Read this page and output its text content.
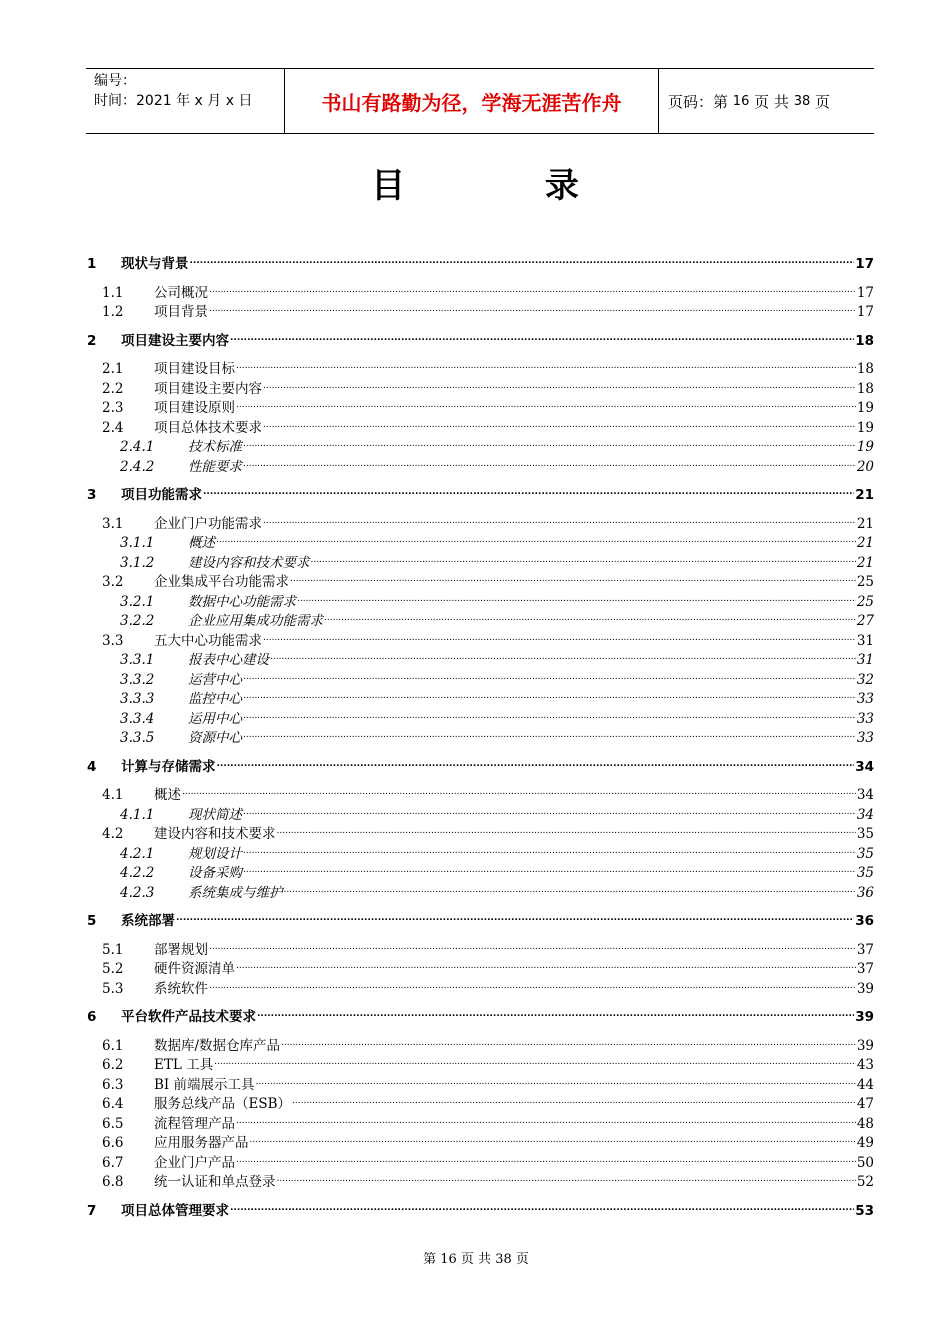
编号：
时间：2021 年 x 月 x 日	书山有路勤为径，学海无涯苦作舟	页码：第
16
页 共
38
页
目 录
1	现状与背景 .....	17
1.1	公司概况 .....	17
1.2	项目背景 .....	17
2	项目建设主要内容 .....	18
2.1	项目建设目标 .....	18
2.2	项目建设主要内容 .....	18
2.3	项目建设原则 .....	19
2.4	项目总体技术要求 .....	19
2.4.1	技术标准 .....	19
2.4.2	性能要求 .....	20
3	项目功能需求 .....	21
3.1	企业门户功能需求 .....	21
3.1.1	概述 .....	21
3.1.2	建设内容和技术要求 .....	21
3.2	企业集成平台功能需求 .....	25
3.2.1	数据中心功能需求 .....	25
3.2.2	企业应用集成功能需求 .....	27
3.3	五大中心功能需求 .....	31
3.3.1	报表中心建设 .....	31
3.3.2	运营中心 .....	32
3.3.3	监控中心 .....	33
3.3.4	运用中心 .....	33
3.3.5	资源中心 .....	33
4	计算与存储需求 .....	34
4.1	概述 .....	34
4.1.1	现状简述 .....	34
4.2	建设内容和技术要求 .....	35
4.2.1	规划设计 .....	35
4.2.2	设备采购 .....	35
4.2.3	系统集成与维护 .....	36
5	系统部署 .....	36
5.1	部署规划 .....	37
5.2	硬件资源清单 .....	37
5.3	系统软件 .....	39
6	平台软件产品技术要求 .....	39
6.1	数据库/数据仓库产品 .....	39
6.2	ETL 工具 .....	43
6.3	BI 前端展示工具 .....	44
6.4	服务总线产品（ESB） .....	47
6.5	流程管理产品 .....	48
6.6	应用服务器产品 .....	49
6.7	企业门户产品 .....	50
6.8	统一认证和单点登录 .....	52
7	项目总体管理要求 .....	53
第 16 页 共 38 页
